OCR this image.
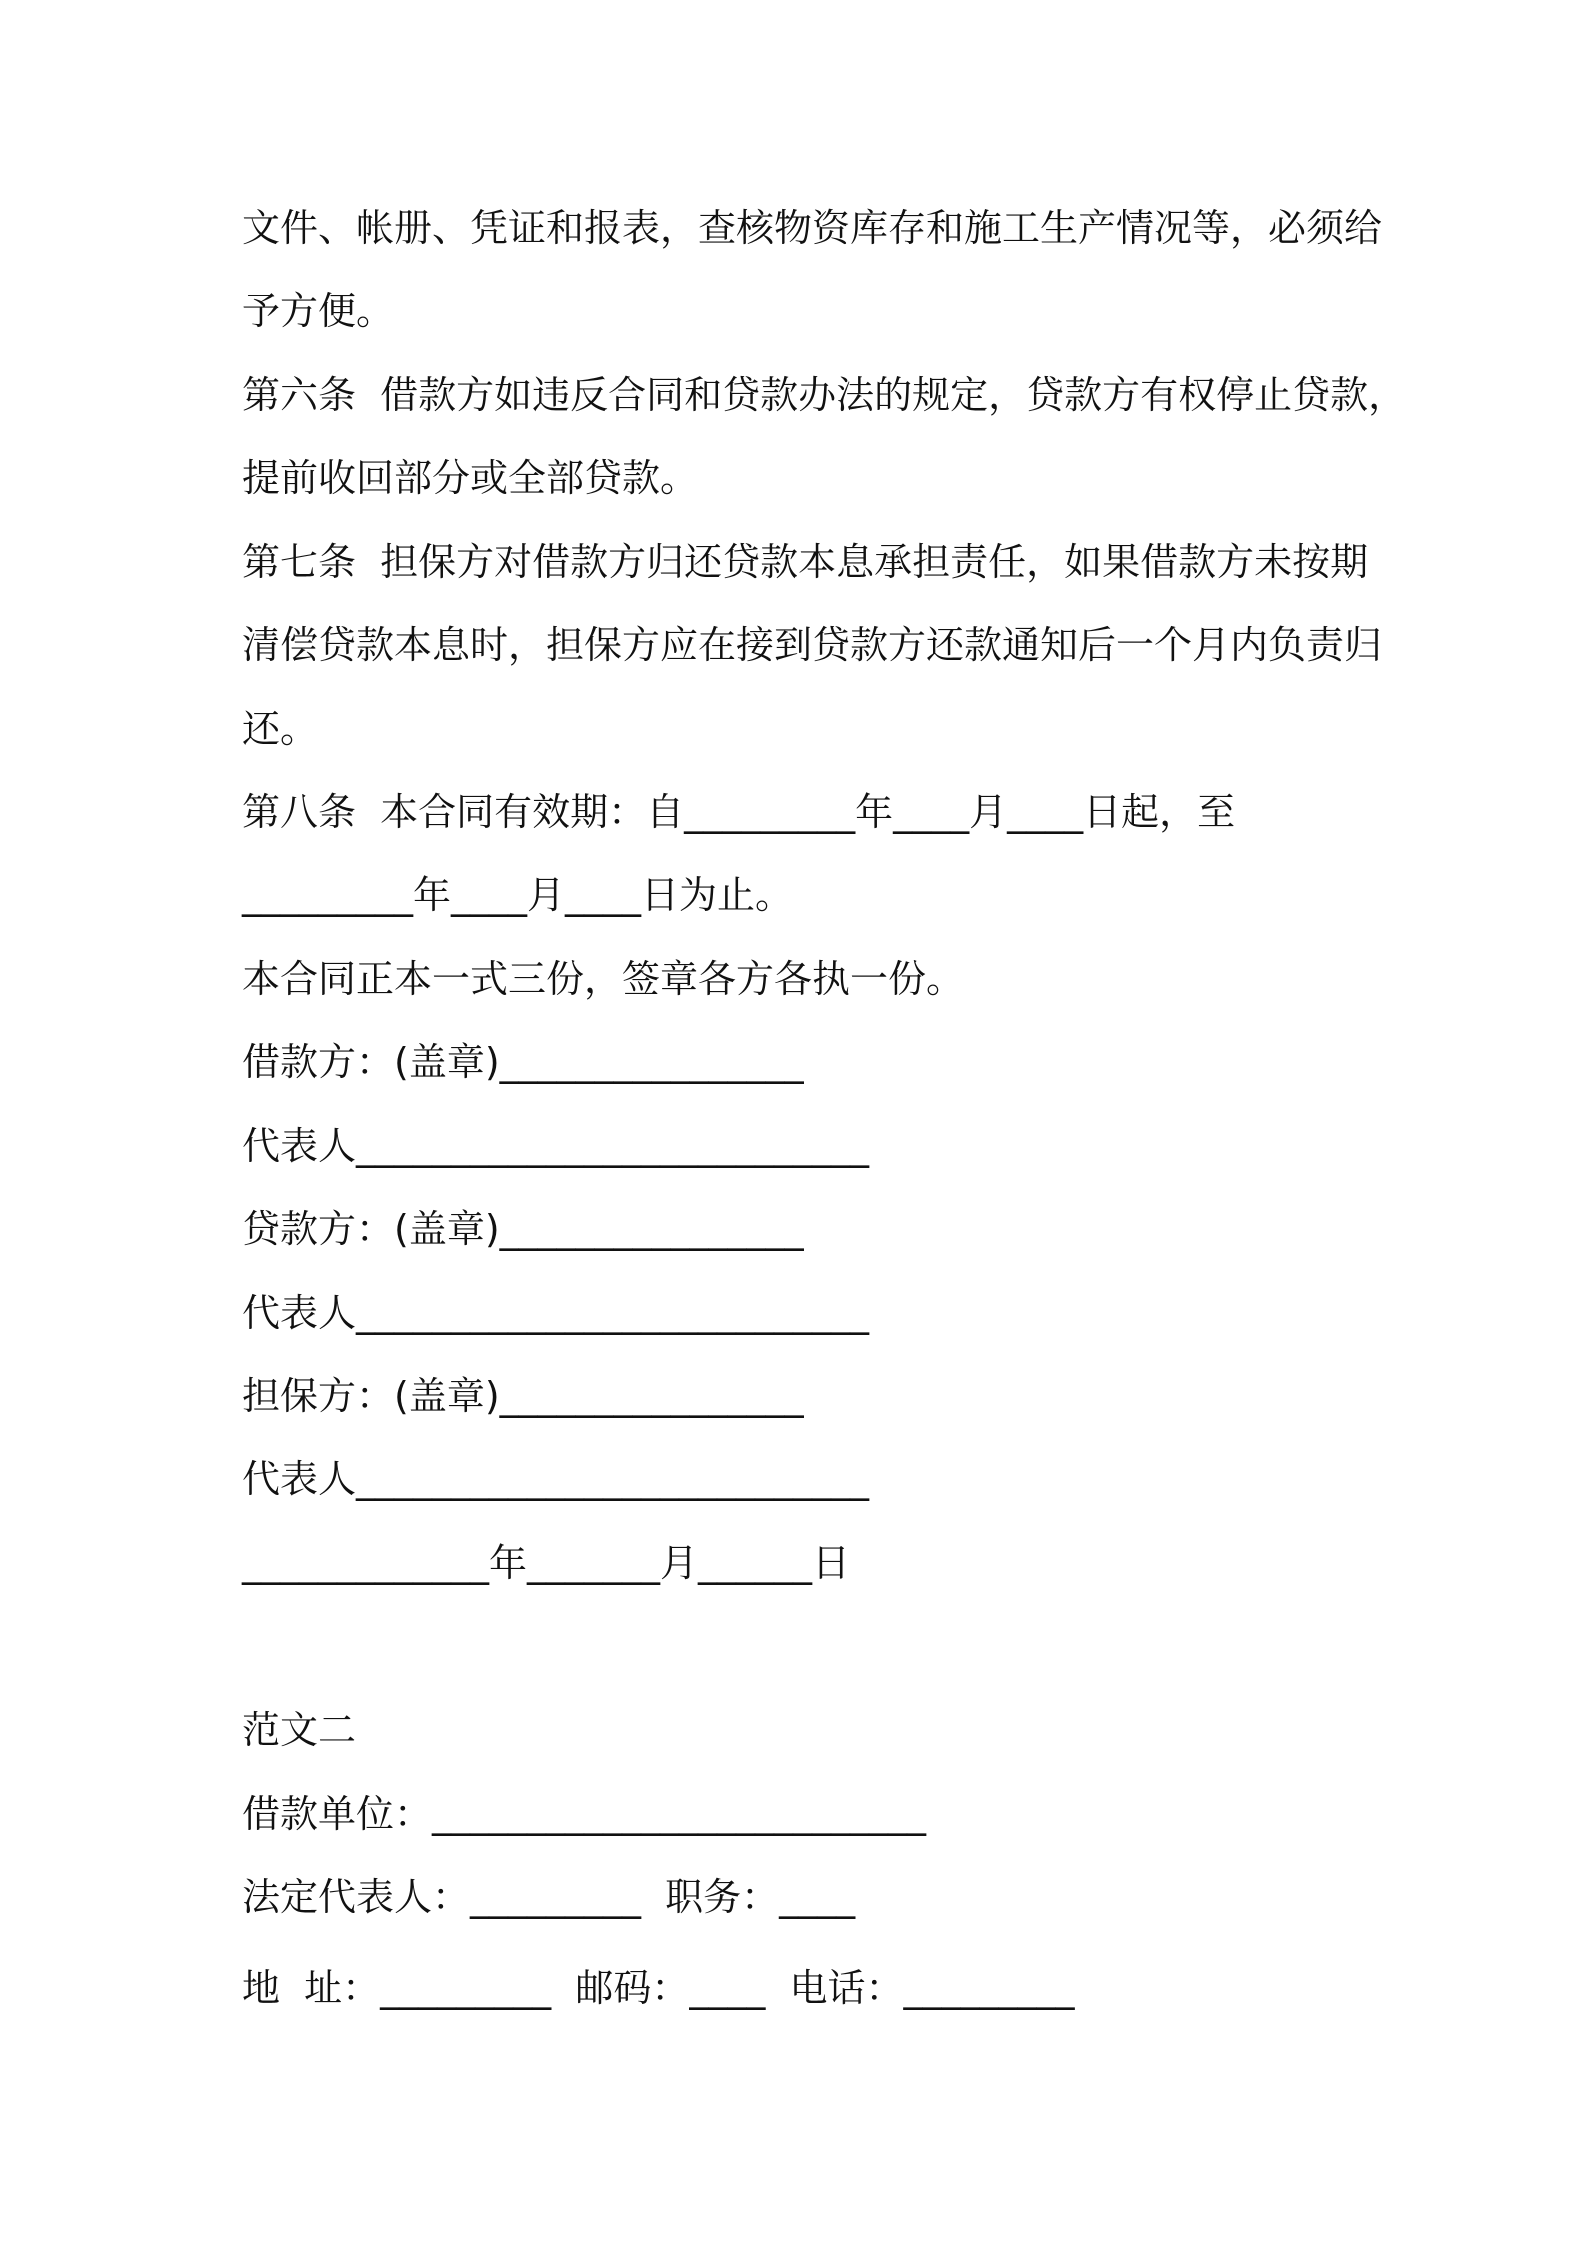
文件、帐册、凭证和报表，查核物资库存和施工生产情况等，必须给
予方便。
第六条  借款方如违反合同和贷款办法的规定，贷款方有权停止贷款，
提前收回部分或全部贷款。
第七条  担保方对借款方归还贷款本息承担责任，如果借款方未按期
清偿贷款本息时，担保方应在接到贷款方还款通知后一个月内负责归
还。
第八条  本合同有效期：自_________年____月____日起，至
_________年____月____日为止。
本合同正本一式三份，签章各方各执一份。
借款方：(盖章)________________
代表人___________________________
贷款方：(盖章)________________
代表人___________________________
担保方：(盖章)________________
代表人___________________________
_____________年_______月______日
范文二
借款单位：__________________________
法定代表人：_________  职务：____
地  址：_________  邮码：____  电话：_________
